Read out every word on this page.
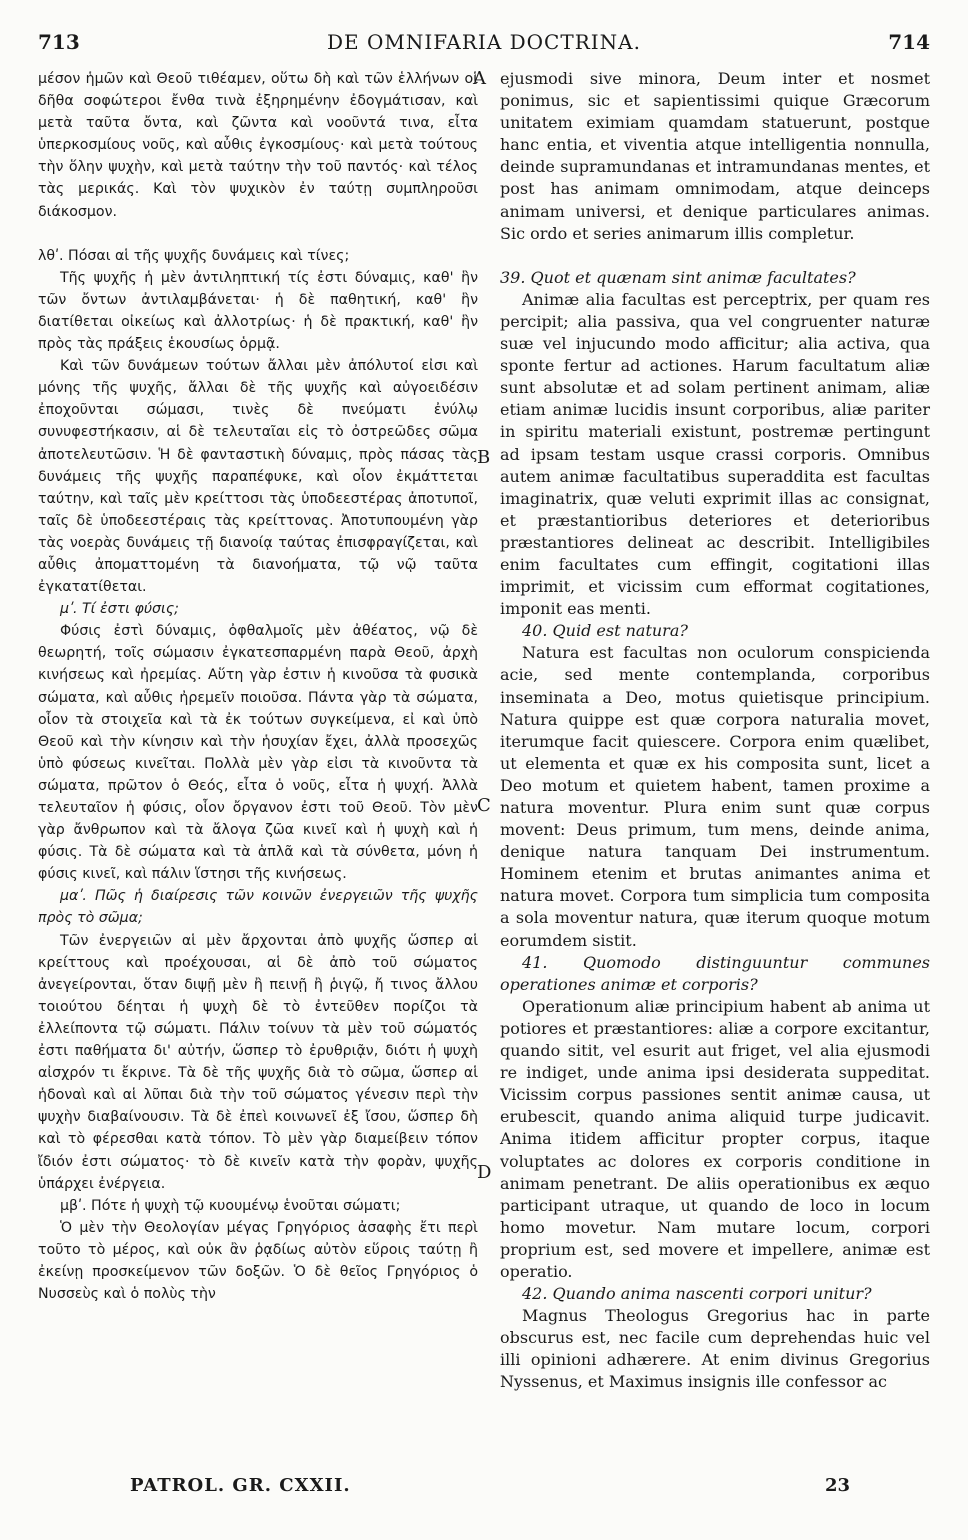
713	DE OMNIFARIA DOCTRINA.	714

μέσον ἡμῶν καὶ Θεοῦ τιθέαμεν, οὕτω δὴ καὶ τῶν ἑλλήνων οἱ δῆθα σοφώτεροι ἔνθα τινὰ ἐξηρημένην ἐδογμάτισαν, καὶ μετὰ ταῦτα ὄντα, καὶ ζῶντα καὶ νοοῦντά τινα, εἶτα ὑπερκοσμίους νοῦς, καὶ αὖθις ἐγκοσμίους· καὶ μετὰ τούτους τὴν ὅλην ψυχὴν, καὶ μετὰ ταύτην τὴν τοῦ παντός· καὶ τέλος τὰς μερικάς. Καὶ τὸν ψυχικὸν ἐν ταύτῃ συμπληροῦσι διάκοσμον.

λθʹ. Πόσαι αἱ τῆς ψυχῆς δυνάμεις καὶ τίνες;

Τῆς ψυχῆς ἡ μὲν ἀντιληπτική τίς ἐστι δύναμις, καθ' ἣν τῶν ὄντων ἀντιλαμβάνεται· ἡ δὲ παθητική, καθ' ἣν διατίθεται οἰκείως καὶ ἀλλοτρίως· ἡ δὲ πρακτική, καθ' ἣν πρὸς τὰς πράξεις ἑκουσίως ὁρμᾷ.

Καὶ τῶν δυνάμεων τούτων ἄλλαι μὲν ἀπόλυτοί εἰσι καὶ μόνης τῆς ψυχῆς, ἄλλαι δὲ τῆς ψυχῆς καὶ αὐγοειδέσιν ἐποχοῦνται σώμασι, τινὲς δὲ πνεύματι ἐνύλῳ συνυφεστήκασιν, αἱ δὲ τελευταῖαι εἰς τὸ ὀστρεῶδες σῶμα ἀποτελευτῶσιν. Ἡ δὲ φανταστικὴ δύναμις, πρὸς πάσας τὰς δυνάμεις τῆς ψυχῆς παραπέφυκε, καὶ οἷον ἐκμάττεται ταύτην, καὶ ταῖς μὲν κρείττοσι τὰς ὑποδεεστέρας ἀποτυποῖ, ταῖς δὲ ὑποδεεστέραις τὰς κρείττονας. Ἀποτυπουμένη γὰρ τὰς νοερὰς δυνάμεις τῇ διανοίᾳ ταύτας ἐπισφραγίζεται, καὶ αὖθις ἀποματτομένη τὰ διανοήματα, τῷ νῷ ταῦτα ἐγκατατίθεται.

μʹ. Τί ἐστι φύσις;

Φύσις ἐστὶ δύναμις, ὀφθαλμοῖς μὲν ἀθέατος, νῷ δὲ θεωρητή, τοῖς σώμασιν ἐγκατεσπαρμένη παρὰ Θεοῦ, ἀρχὴ κινήσεως καὶ ἠρεμίας. Αὕτη γὰρ ἐστιν ἡ κινοῦσα τὰ φυσικὰ σώματα, καὶ αὖθις ἠρεμεῖν ποιοῦσα. Πάντα γὰρ τὰ σώματα, οἷον τὰ στοιχεῖα καὶ τὰ ἐκ τούτων συγκείμενα, εἰ καὶ ὑπὸ Θεοῦ καὶ τὴν κίνησιν καὶ τὴν ἡσυχίαν ἔχει, ἀλλὰ προσεχῶς ὑπὸ φύσεως κινεῖται. Πολλὰ μὲν γὰρ εἰσι τὰ κινοῦντα τὰ σώματα, πρῶτον ὁ Θεός, εἶτα ὁ νοῦς, εἶτα ἡ ψυχή. Ἀλλὰ τελευταῖον ἡ φύσις, οἷον ὄργανον ἐστι τοῦ Θεοῦ. Τὸν μὲν γὰρ ἄνθρωπον καὶ τὰ ἄλογα ζῶα κινεῖ καὶ ἡ ψυχὴ καὶ ἡ φύσις. Τὰ δὲ σώματα καὶ τὰ ἁπλᾶ καὶ τὰ σύνθετα, μόνη ἡ φύσις κινεῖ, καὶ πάλιν ἵστησι τῆς κινήσεως.

μαʹ. Πῶς ἡ διαίρεσις τῶν κοινῶν ἐνεργειῶν τῆς ψυχῆς πρὸς τὸ σῶμα;

Τῶν ἐνεργειῶν αἱ μὲν ἄρχονται ἀπὸ ψυχῆς ὥσπερ αἱ κρείττους καὶ προέχουσαι, αἱ δὲ ἀπὸ τοῦ σώματος ἀνεγείρονται, ὅταν διψῇ μὲν ἢ πεινῇ ἢ ῥιγῷ, ἤ τινος ἄλλου τοιούτου δέηται ἡ ψυχὴ δὲ τὸ ἐντεῦθεν πορίζοι τὰ ἐλλείποντα τῷ σώματι. Πάλιν τοίνυν τὰ μὲν τοῦ σώματός ἐστι παθήματα δι' αὐτήν, ὥσπερ τὸ ἐρυθριᾷν, διότι ἡ ψυχὴ αἰσχρόν τι ἔκρινε. Τὰ δὲ τῆς ψυχῆς διὰ τὸ σῶμα, ὥσπερ αἱ ἡδοναὶ καὶ αἱ λῦπαι διὰ τὴν τοῦ σώματος γένεσιν περὶ τὴν ψυχὴν διαβαίνουσιν. Τὰ δὲ ἐπεὶ κοινωνεῖ ἐξ ἴσου, ὥσπερ δὴ καὶ τὸ φέρεσθαι κατὰ τόπον. Τὸ μὲν γὰρ διαμείβειν τόπον ἴδιόν ἐστι σώματος· τὸ δὲ κινεῖν κατὰ τὴν φορὰν, ψυχῆς ὑπάρχει ἐνέργεια.

μβʹ. Πότε ἡ ψυχὴ τῷ κυουμένῳ ἑνοῦται σώματι;

Ὁ μὲν τὴν Θεολογίαν μέγας Γρηγόριος ἀσαφὴς ἔτι περὶ τοῦτο τὸ μέρος, καὶ οὐκ ἂν ῥᾳδίως αὐτὸν εὕροις ταύτῃ ἢ ἐκείνῃ προσκείμενον τῶν δοξῶν. Ὁ δὲ θεῖος Γρηγόριος ὁ Νυσσεὺς καὶ ὁ πολὺς τὴν

A
B
C
D

ejusmodi sive minora, Deum inter et nosmet ponimus, sic et sapientissimi quique Græcorum unitatem eximiam quamdam statuerunt, postque hanc entia, et viventia atque intelligentia nonnulla, deinde supramundanas et intramundanas mentes, et post has animam omnimodam, atque deinceps animam universi, et denique particulares animas. Sic ordo et series animarum illis completur.

39. Quot et quænam sint animæ facultates?

Animæ alia facultas est perceptrix, per quam res percipit; alia passiva, qua vel congruenter naturæ suæ vel injucundo modo afficitur; alia activa, qua sponte fertur ad actiones. Harum facultatum aliæ sunt absolutæ et ad solam pertinent animam, aliæ etiam animæ lucidis insunt corporibus, aliæ pariter in spiritu materiali existunt, postremæ pertingunt ad ipsam testam usque crassi corporis. Omnibus autem animæ facultatibus superaddita est facultas imaginatrix, quæ veluti exprimit illas ac consignat, et præstantioribus deteriores et deterioribus præstantiores delineat ac describit. Intelligibiles enim facultates cum effingit, cogitationi illas imprimit, et vicissim cum efformat cogitationes, imponit eas menti.

40. Quid est natura?

Natura est facultas non oculorum conspicienda acie, sed mente contemplanda, corporibus inseminata a Deo, motus quietisque principium. Natura quippe est quæ corpora naturalia movet, iterumque facit quiescere. Corpora enim quælibet, ut elementa et quæ ex his composita sunt, licet a Deo motum et quietem habent, tamen proxime a natura moventur. Plura enim sunt quæ corpus movent: Deus primum, tum mens, deinde anima, denique natura tanquam Dei instrumentum. Hominem etenim et brutas animantes anima et natura movet. Corpora tum simplicia tum composita a sola moventur natura, quæ iterum quoque motum eorumdem sistit.

41. Quomodo distinguuntur communes operationes animæ et corporis?

Operationum aliæ principium habent ab anima ut potiores et præstantiores: aliæ a corpore excitantur, quando sitit, vel esurit aut friget, vel alia ejusmodi re indiget, unde anima ipsi desiderata suppeditat. Vicissim corpus passiones sentit animæ causa, ut erubescit, quando anima aliquid turpe judicavit. Anima itidem afficitur propter corpus, itaque voluptates ac dolores ex corporis conditione in animam penetrant. De aliis operationibus ex æquo participant utraque, ut quando de loco in locum homo movetur. Nam mutare locum, corpori proprium est, sed movere et impellere, animæ est operatio.

42. Quando anima nascenti corpori unitur?

Magnus Theologus Gregorius hac in parte obscurus est, nec facile cum deprehendas huic vel illi opinioni adhærere. At enim divinus Gregorius Nyssenus, et Maximus insignis ille confessor ac

PATROL. GR. CXXII.	23
